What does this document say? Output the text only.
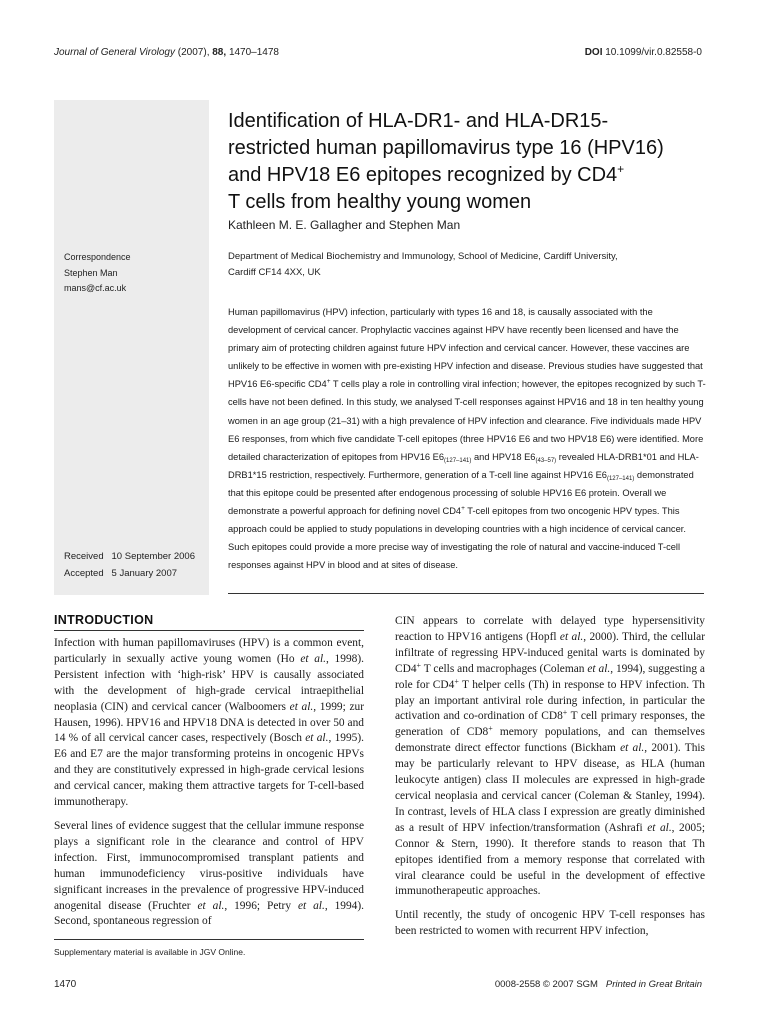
Journal of General Virology (2007), 88, 1470–1478	DOI 10.1099/vir.0.82558-0
Correspondence
Stephen Man
mans@cf.ac.uk
Received   10 September 2006
Accepted   5 January 2007
Identification of HLA-DR1- and HLA-DR15-
restricted human papillomavirus type 16 (HPV16)
and HPV18 E6 epitopes recognized by CD4+
T cells from healthy young women
Kathleen M. E. Gallagher and Stephen Man
Department of Medical Biochemistry and Immunology, School of Medicine, Cardiff University,
Cardiff CF14 4XX, UK

Human papillomavirus (HPV) infection, particularly with types 16 and 18, is causally associated with the development of cervical cancer. Prophylactic vaccines against HPV have recently been licensed and have the primary aim of protecting children against future HPV infection and cervical cancer. However, these vaccines are unlikely to be effective in women with pre-existing HPV infection and disease. Previous studies have suggested that HPV16 E6-specific CD4+ T cells play a role in controlling viral infection; however, the epitopes recognized by such T-cells have not been defined. In this study, we analysed T-cell responses against HPV16 and 18 in ten healthy young women in an age group (21–31) with a high prevalence of HPV infection and clearance. Five individuals made HPV E6 responses, from which five candidate T-cell epitopes (three HPV16 E6 and two HPV18 E6) were identified. More detailed characterization of epitopes from HPV16 $E6_{(127-141)}$ and HPV18 $E6_{(43-57)}$ revealed HLA-DRB1*01 and HLA-DRB1*15 restriction, respectively. Furthermore, generation of a T-cell line against HPV16 $E6_{(127-141)}$ demonstrated that this epitope could be presented after endogenous processing of soluble HPV16 E6 protein. Overall we demonstrate a powerful approach for defining novel CD4+ T-cell epitopes from two oncogenic HPV types. This approach could be applied to study populations in developing countries with a high incidence of cervical cancer. Such epitopes could provide a more precise way of investigating the role of natural and vaccine-induced T-cell responses against HPV in blood and at sites of disease.

INTRODUCTION

Infection with human papillomaviruses (HPV) is a common event, particularly in sexually active young women (Ho et al., 1998). Persistent infection with ‘high-risk’ HPV is causally associated with the development of high-grade cervical intraepithelial neoplasia (CIN) and cervical cancer (Walboomers et al., 1999; zur Hausen, 1996). HPV16 and HPV18 DNA is detected in over 50 and 14 % of all cervical cancer cases, respectively (Bosch et al., 1995). E6 and E7 are the major transforming proteins in oncogenic HPVs and they are constitutively expressed in high-grade cervical lesions and cervical cancer, making them attractive targets for T-cell-based immunotherapy.

Several lines of evidence suggest that the cellular immune response plays a significant role in the clearance and control of HPV infection. First, immunocompromised transplant patients and human immunodeficiency virus-positive individuals have significant increases in the prevalence of progressive HPV-induced anogenital disease (Fruchter et al., 1996; Petry et al., 1994). Second, spontaneous regression of

CIN appears to correlate with delayed type hypersensitivity reaction to HPV16 antigens (Hopfl et al., 2000). Third, the cellular infiltrate of regressing HPV-induced genital warts is dominated by CD4+ T cells and macrophages (Coleman et al., 1994), suggesting a role for CD4+ T helper cells (Th) in response to HPV infection. Th play an important antiviral role during infection, in particular the activation and co-ordination of CD8+ T cell primary responses, the generation of CD8+ memory populations, and can themselves demonstrate direct effector functions (Bickham et al., 2001). This may be particularly relevant to HPV disease, as HLA (human leukocyte antigen) class II molecules are expressed in high-grade cervical neoplasia and cervical cancer (Coleman & Stanley, 1994). In contrast, levels of HLA class I expression are greatly diminished as a result of HPV infection/transformation (Ashrafi et al., 2005; Connor & Stern, 1990). It therefore stands to reason that Th epitopes identified from a memory response that correlated with viral clearance could be useful in the development of effective immunotherapeutic approaches.

Until recently, the study of oncogenic HPV T-cell responses has been restricted to women with recurrent HPV infection,

Supplementary material is available in JGV Online.
1470	0008-2558 © 2007 SGM Printed in Great Britain
